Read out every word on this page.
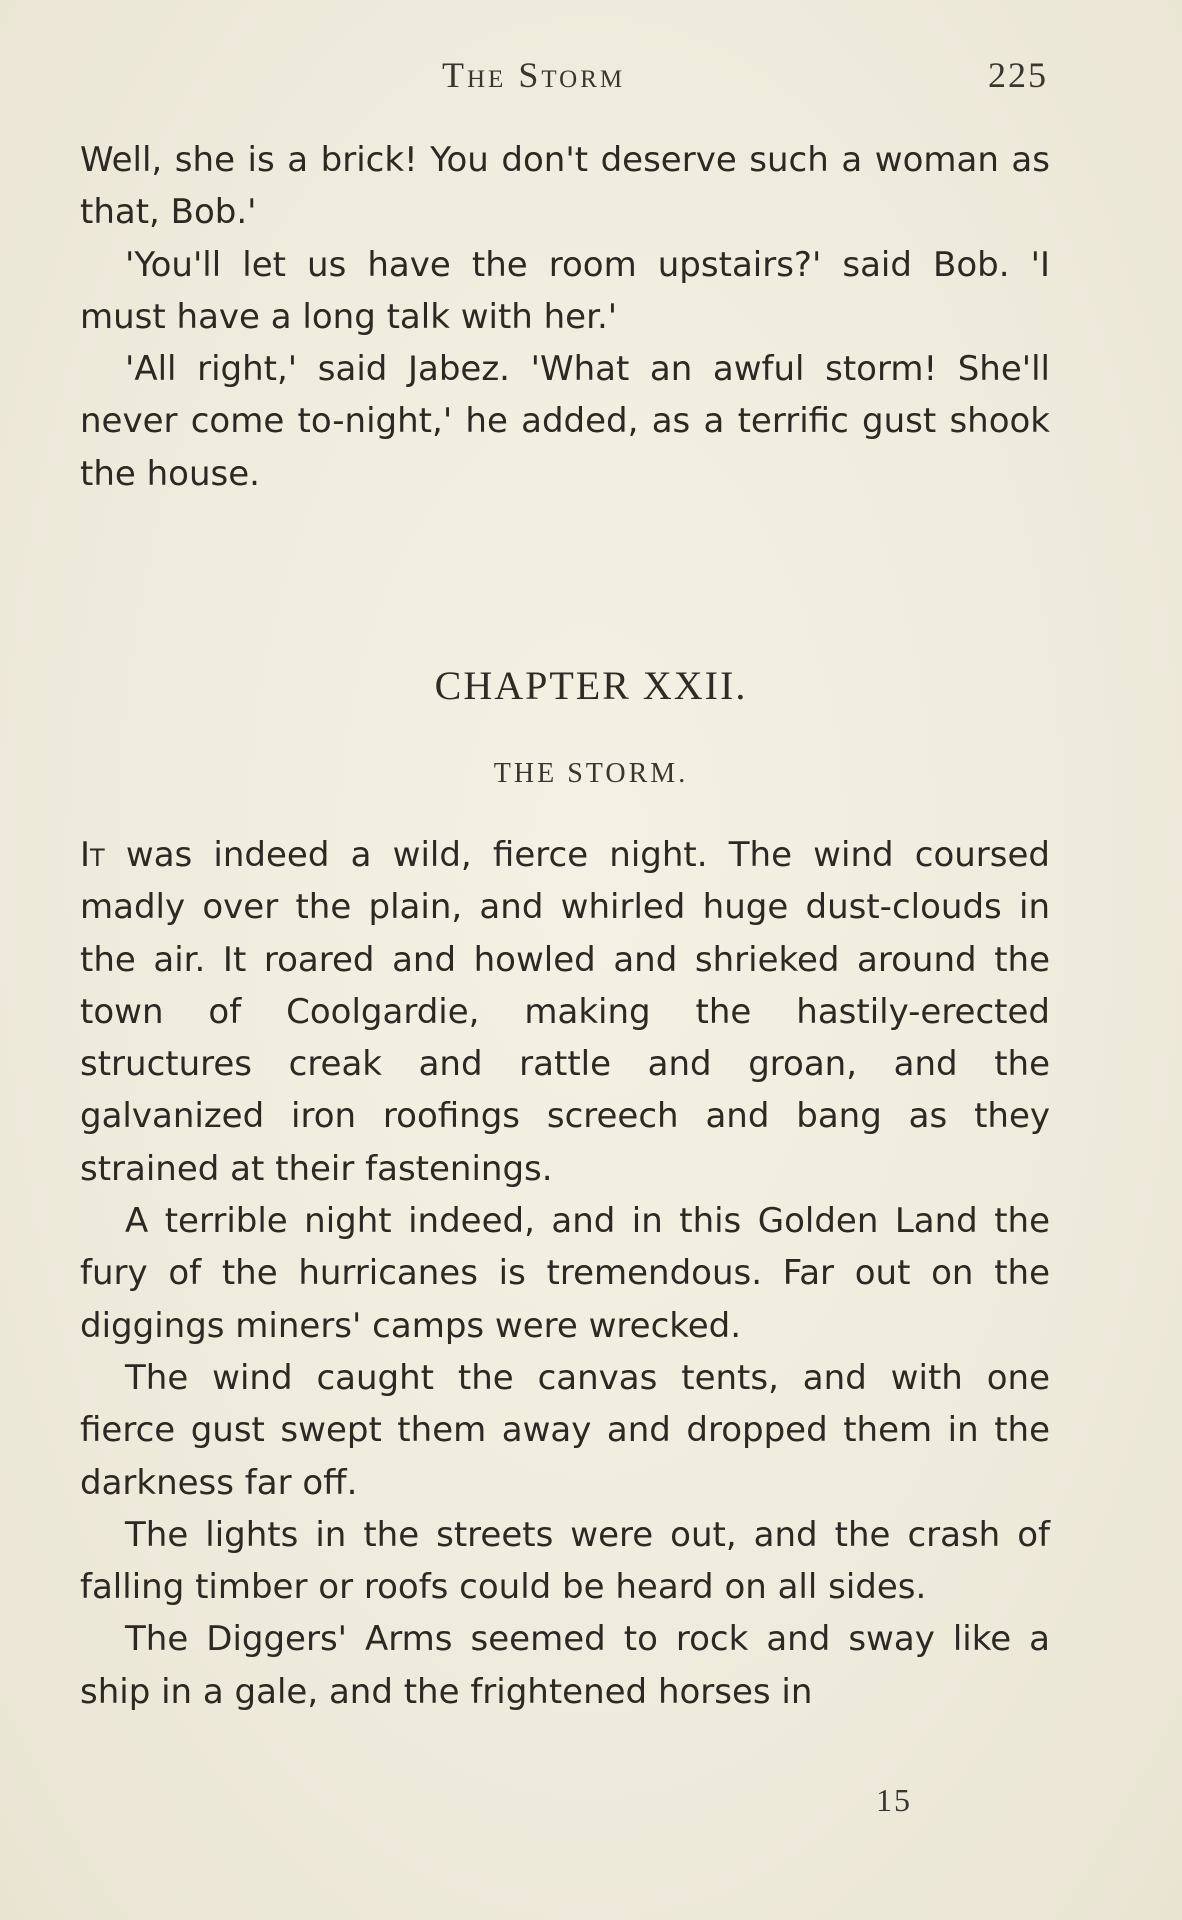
The Storm	225

Well, she is a brick! You don't deserve such a woman as that, Bob.'

'You'll let us have the room upstairs?' said Bob. 'I must have a long talk with her.'

'All right,' said Jabez. 'What an awful storm! She'll never come to-night,' he added, as a terrific gust shook the house.

CHAPTER XXII.
THE STORM.

It was indeed a wild, fierce night. The wind coursed madly over the plain, and whirled huge dust-clouds in the air. It roared and howled and shrieked around the town of Coolgardie, making the hastily-erected structures creak and rattle and groan, and the galvanized iron roofings screech and bang as they strained at their fastenings.

A terrible night indeed, and in this Golden Land the fury of the hurricanes is tremendous. Far out on the diggings miners' camps were wrecked.

The wind caught the canvas tents, and with one fierce gust swept them away and dropped them in the darkness far off.

The lights in the streets were out, and the crash of falling timber or roofs could be heard on all sides.

The Diggers' Arms seemed to rock and sway like a ship in a gale, and the frightened horses in

15
